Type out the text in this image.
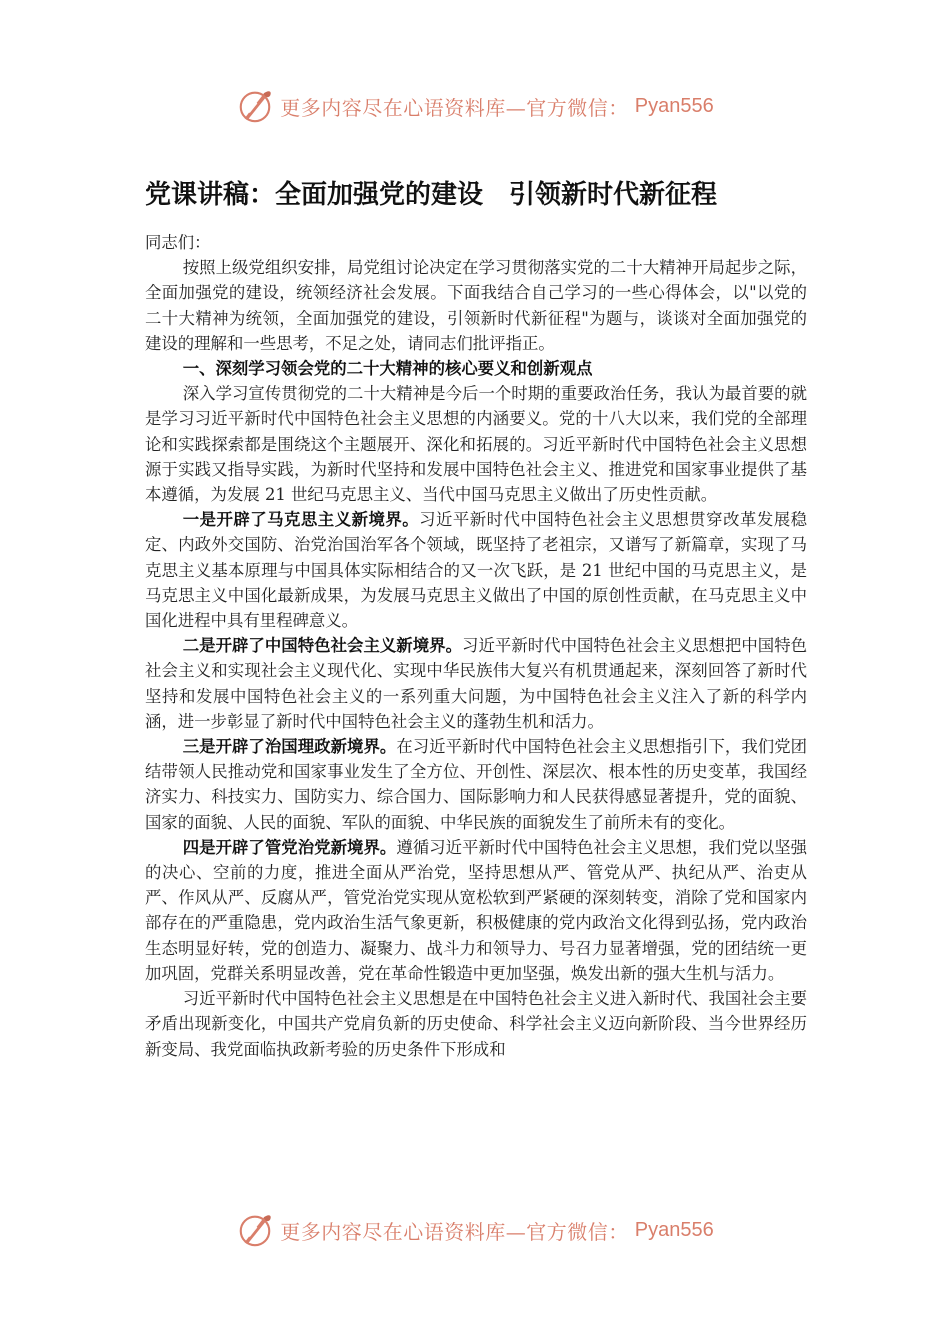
更多内容尽在心语资料库—官方微信： Pyan556
党课讲稿：全面加强党的建设　引领新时代新征程

同志们：

按照上级党组织安排，局党组讨论决定在学习贯彻落实党的二十大精神开局起步之际，全面加强党的建设，统领经济社会发展。下面我结合自己学习的一些心得体会，以"以党的二十大精神为统领，全面加强党的建设，引领新时代新征程"为题与，谈谈对全面加强党的建设的理解和一些思考，不足之处，请同志们批评指正。

一、深刻学习领会党的二十大精神的核心要义和创新观点

深入学习宣传贯彻党的二十大精神是今后一个时期的重要政治任务，我认为最首要的就是学习习近平新时代中国特色社会主义思想的内涵要义。党的十八大以来，我们党的全部理论和实践探索都是围绕这个主题展开、深化和拓展的。习近平新时代中国特色社会主义思想源于实践又指导实践，为新时代坚持和发展中国特色社会主义、推进党和国家事业提供了基本遵循，为发展 21 世纪马克思主义、当代中国马克思主义做出了历史性贡献。

一是开辟了马克思主义新境界。习近平新时代中国特色社会主义思想贯穿改革发展稳定、内政外交国防、治党治国治军各个领域，既坚持了老祖宗，又谱写了新篇章，实现了马克思主义基本原理与中国具体实际相结合的又一次飞跃，是 21 世纪中国的马克思主义，是马克思主义中国化最新成果，为发展马克思主义做出了中国的原创性贡献，在马克思主义中国化进程中具有里程碑意义。

二是开辟了中国特色社会主义新境界。习近平新时代中国特色社会主义思想把中国特色社会主义和实现社会主义现代化、实现中华民族伟大复兴有机贯通起来，深刻回答了新时代坚持和发展中国特色社会主义的一系列重大问题，为中国特色社会主义注入了新的科学内涵，进一步彰显了新时代中国特色社会主义的蓬勃生机和活力。

三是开辟了治国理政新境界。在习近平新时代中国特色社会主义思想指引下，我们党团结带领人民推动党和国家事业发生了全方位、开创性、深层次、根本性的历史变革，我国经济实力、科技实力、国防实力、综合国力、国际影响力和人民获得感显著提升，党的面貌、国家的面貌、人民的面貌、军队的面貌、中华民族的面貌发生了前所未有的变化。

四是开辟了管党治党新境界。遵循习近平新时代中国特色社会主义思想，我们党以坚强的决心、空前的力度，推进全面从严治党，坚持思想从严、管党从严、执纪从严、治吏从严、作风从严、反腐从严，管党治党实现从宽松软到严紧硬的深刻转变，消除了党和国家内部存在的严重隐患，党内政治生活气象更新，积极健康的党内政治文化得到弘扬，党内政治生态明显好转，党的创造力、凝聚力、战斗力和领导力、号召力显著增强，党的团结统一更加巩固，党群关系明显改善，党在革命性锻造中更加坚强，焕发出新的强大生机与活力。

习近平新时代中国特色社会主义思想是在中国特色社会主义进入新时代、我国社会主要矛盾出现新变化，中国共产党肩负新的历史使命、科学社会主义迈向新阶段、当今世界经历新变局、我党面临执政新考验的历史条件下形成和

更多内容尽在心语资料库—官方微信： Pyan556
